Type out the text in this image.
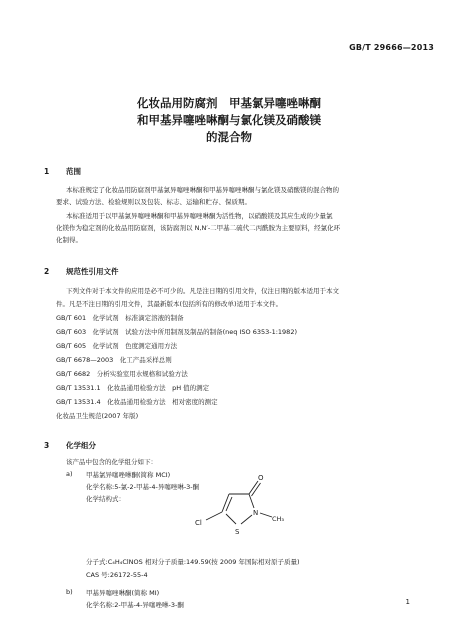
GB/T 29666—2013
化妆品用防腐剂　甲基氯异噻唑啉酮
和甲基异噻唑啉酮与氯化镁及硝酸镁
的混合物
1 范围
本标准规定了化妆品用防腐剂甲基氯异噻唑啉酮和甲基异噻唑啉酮与氯化镁及硝酸镁的混合物的
要求、试验方法、检验规则以及包装、标志、运输和贮存、保质期。
本标准适用于以甲基氯异噻唑啉酮和甲基异噻唑啉酮为活性物，以硝酸镁及其应生成的少量氯
化镁作为稳定剂的化妆品用防腐剂，该防腐剂以 N,N′-二甲基二硫代二丙酰胺为主要原料，经氯化环
化制得。
2 规范性引用文件
下列文件对于本文件的应用是必不可少的。凡是注日期的引用文件，仅注日期的版本适用于本文
件。凡是不注日期的引用文件，其最新版本(包括所有的修改单)适用于本文件。
GB/T 601　化学试剂　标准滴定溶液的制备
GB/T 603　化学试剂　试验方法中所用制剂及制品的制备(neq ISO 6353-1:1982)
GB/T 605　化学试剂　色度测定通用方法
GB/T 6678—2003　化工产品采样总则
GB/T 6682　分析实验室用水规格和试验方法
GB/T 13531.1　化妆品通用检验方法　pH 值的测定
GB/T 13531.4　化妆品通用检验方法　相对密度的测定
化妆品卫生规范(2007 年版)
3 化学组分
该产品中包含的化学组分如下：
a) 甲基氯异噻唑啉酮(简称 MCI)
化学名称:5-氯-2-甲基-4-异噻唑啉-3-酮
化学结构式：
Cl
S
N
O
CH₃
分子式:C₄H₄ClNOS 相对分子质量:149.59(按 2009 年国际相对原子质量)
CAS 号:26172-55-4
b) 甲基异噻唑啉酮(简称 MI)
化学名称:2-甲基-4-异噻唑啉-3-酮	1
